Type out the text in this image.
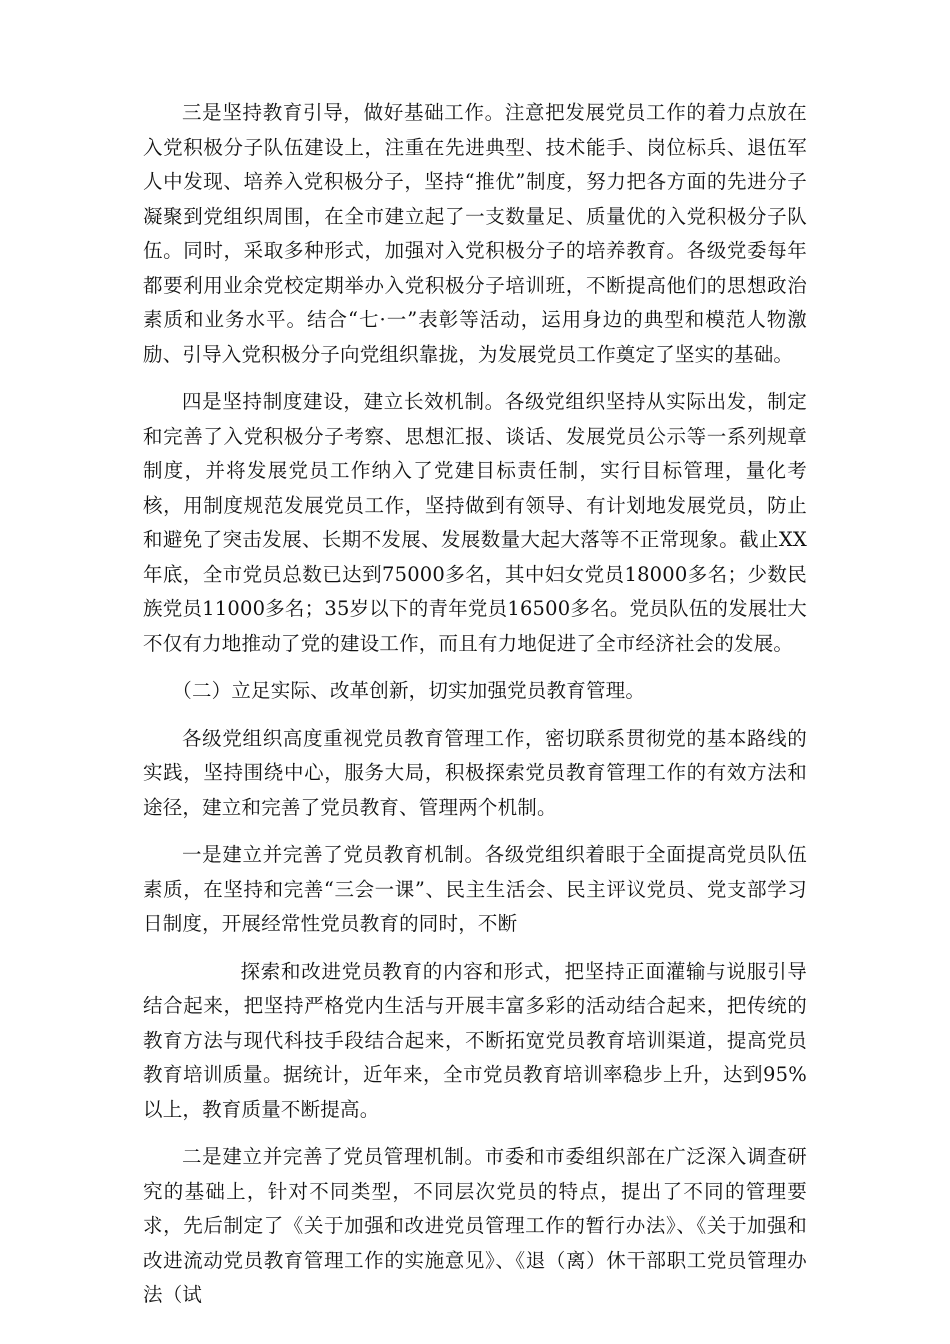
三是坚持教育引导，做好基础工作。注意把发展党员工作的着力点放在入党积极分子队伍建设上，注重在先进典型、技术能手、岗位标兵、退伍军人中发现、培养入党积极分子，坚持“推优”制度，努力把各方面的先进分子凝聚到党组织周围，在全市建立起了一支数量足、质量优的入党积极分子队伍。同时，采取多种形式，加强对入党积极分子的培养教育。各级党委每年都要利用业余党校定期举办入党积极分子培训班，不断提高他们的思想政治素质和业务水平。结合“七·一”表彰等活动，运用身边的典型和模范人物激励、引导入党积极分子向党组织靠拢，为发展党员工作奠定了坚实的基础。

四是坚持制度建设，建立长效机制。各级党组织坚持从实际出发，制定和完善了入党积极分子考察、思想汇报、谈话、发展党员公示等一系列规章制度，并将发展党员工作纳入了党建目标责任制，实行目标管理，量化考核，用制度规范发展党员工作，坚持做到有领导、有计划地发展党员，防止和避免了突击发展、长期不发展、发展数量大起大落等不正常现象。截止XX年底，全市党员总数已达到75000多名，其中妇女党员18000多名；少数民族党员11000多名；35岁以下的青年党员16500多名。党员队伍的发展壮大不仅有力地推动了党的建设工作，而且有力地促进了全市经济社会的发展。

（二）立足实际、改革创新，切实加强党员教育管理。

各级党组织高度重视党员教育管理工作，密切联系贯彻党的基本路线的实践，坚持围绕中心，服务大局，积极探索党员教育管理工作的有效方法和途径，建立和完善了党员教育、管理两个机制。

一是建立并完善了党员教育机制。各级党组织着眼于全面提高党员队伍素质，在坚持和完善“三会一课”、民主生活会、民主评议党员、党支部学习日制度，开展经常性党员教育的同时，不断

探索和改进党员教育的内容和形式，把坚持正面灌输与说服引导结合起来，把坚持严格党内生活与开展丰富多彩的活动结合起来，把传统的教育方法与现代科技手段结合起来，不断拓宽党员教育培训渠道，提高党员教育培训质量。据统计，近年来，全市党员教育培训率稳步上升，达到95%以上，教育质量不断提高。

二是建立并完善了党员管理机制。市委和市委组织部在广泛深入调查研究的基础上，针对不同类型，不同层次党员的特点，提出了不同的管理要求，先后制定了《关于加强和改进党员管理工作的暂行办法》、《关于加强和改进流动党员教育管理工作的实施意见》、《退（离）休干部职工党员管理办法（试
